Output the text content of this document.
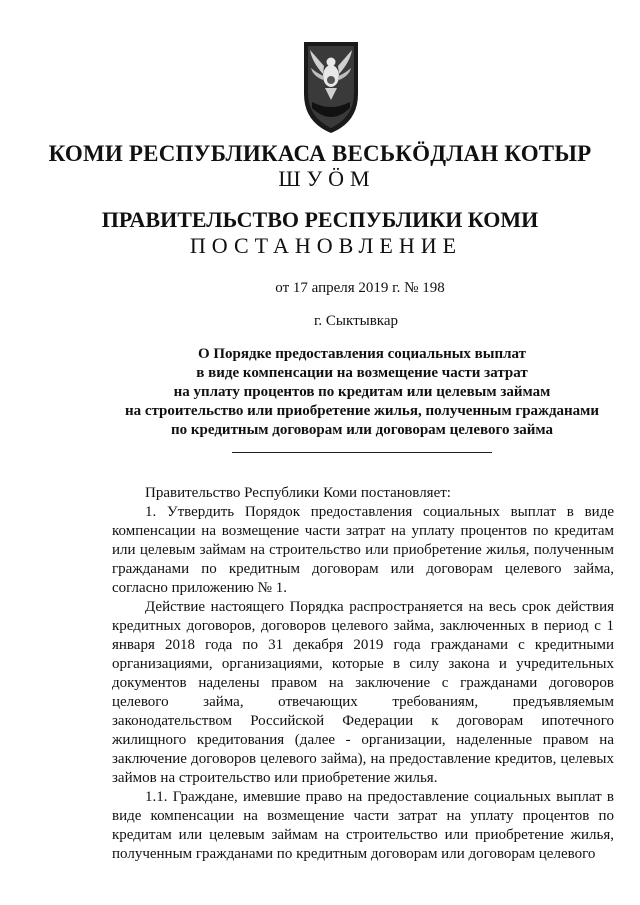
КОМИ РЕСПУБЛИКАСА ВЕСЬКӦДЛАН КОТЫР
ШУӦМ
ПРАВИТЕЛЬСТВО РЕСПУБЛИКИ КОМИ
ПОСТАНОВЛЕНИЕ
от 17 апреля 2019 г. № 198
г. Сыктывкар
О Порядке предоставления социальных выплат
в виде компенсации на возмещение части затрат
на уплату процентов по кредитам или целевым займам
на строительство или приобретение жилья, полученным гражданами
по кредитным договорам или договорам целевого займа

Правительство Республики Коми постановляет:

1. Утвердить Порядок предоставления социальных выплат в виде компенсации на возмещение части затрат на уплату процентов по кредитам или целевым займам на строительство или приобретение жилья, полученным гражданами по кредитным договорам или договорам целевого займа, согласно приложению № 1.

Действие настоящего Порядка распространяется на весь срок действия кредитных договоров, договоров целевого займа, заключенных в период с 1 января 2018 года по 31 декабря 2019 года гражданами с кредитными организациями, организациями, которые в силу закона и учредительных документов наделены правом на заключение с гражданами договоров целевого займа, отвечающих требованиям, предъявляемым законодательством Российской Федерации к договорам ипотечного жилищного кредитования (далее - организации, наделенные правом на заключение договоров целевого займа), на предоставление кредитов, целевых займов на строительство или приобретение жилья.

1.1. Граждане, имевшие право на предоставление социальных выплат в виде компенсации на возмещение части затрат на уплату процентов по кредитам или целевым займам на строительство или приобретение жилья, полученным гражданами по кредитным договорам или договорам целевого
